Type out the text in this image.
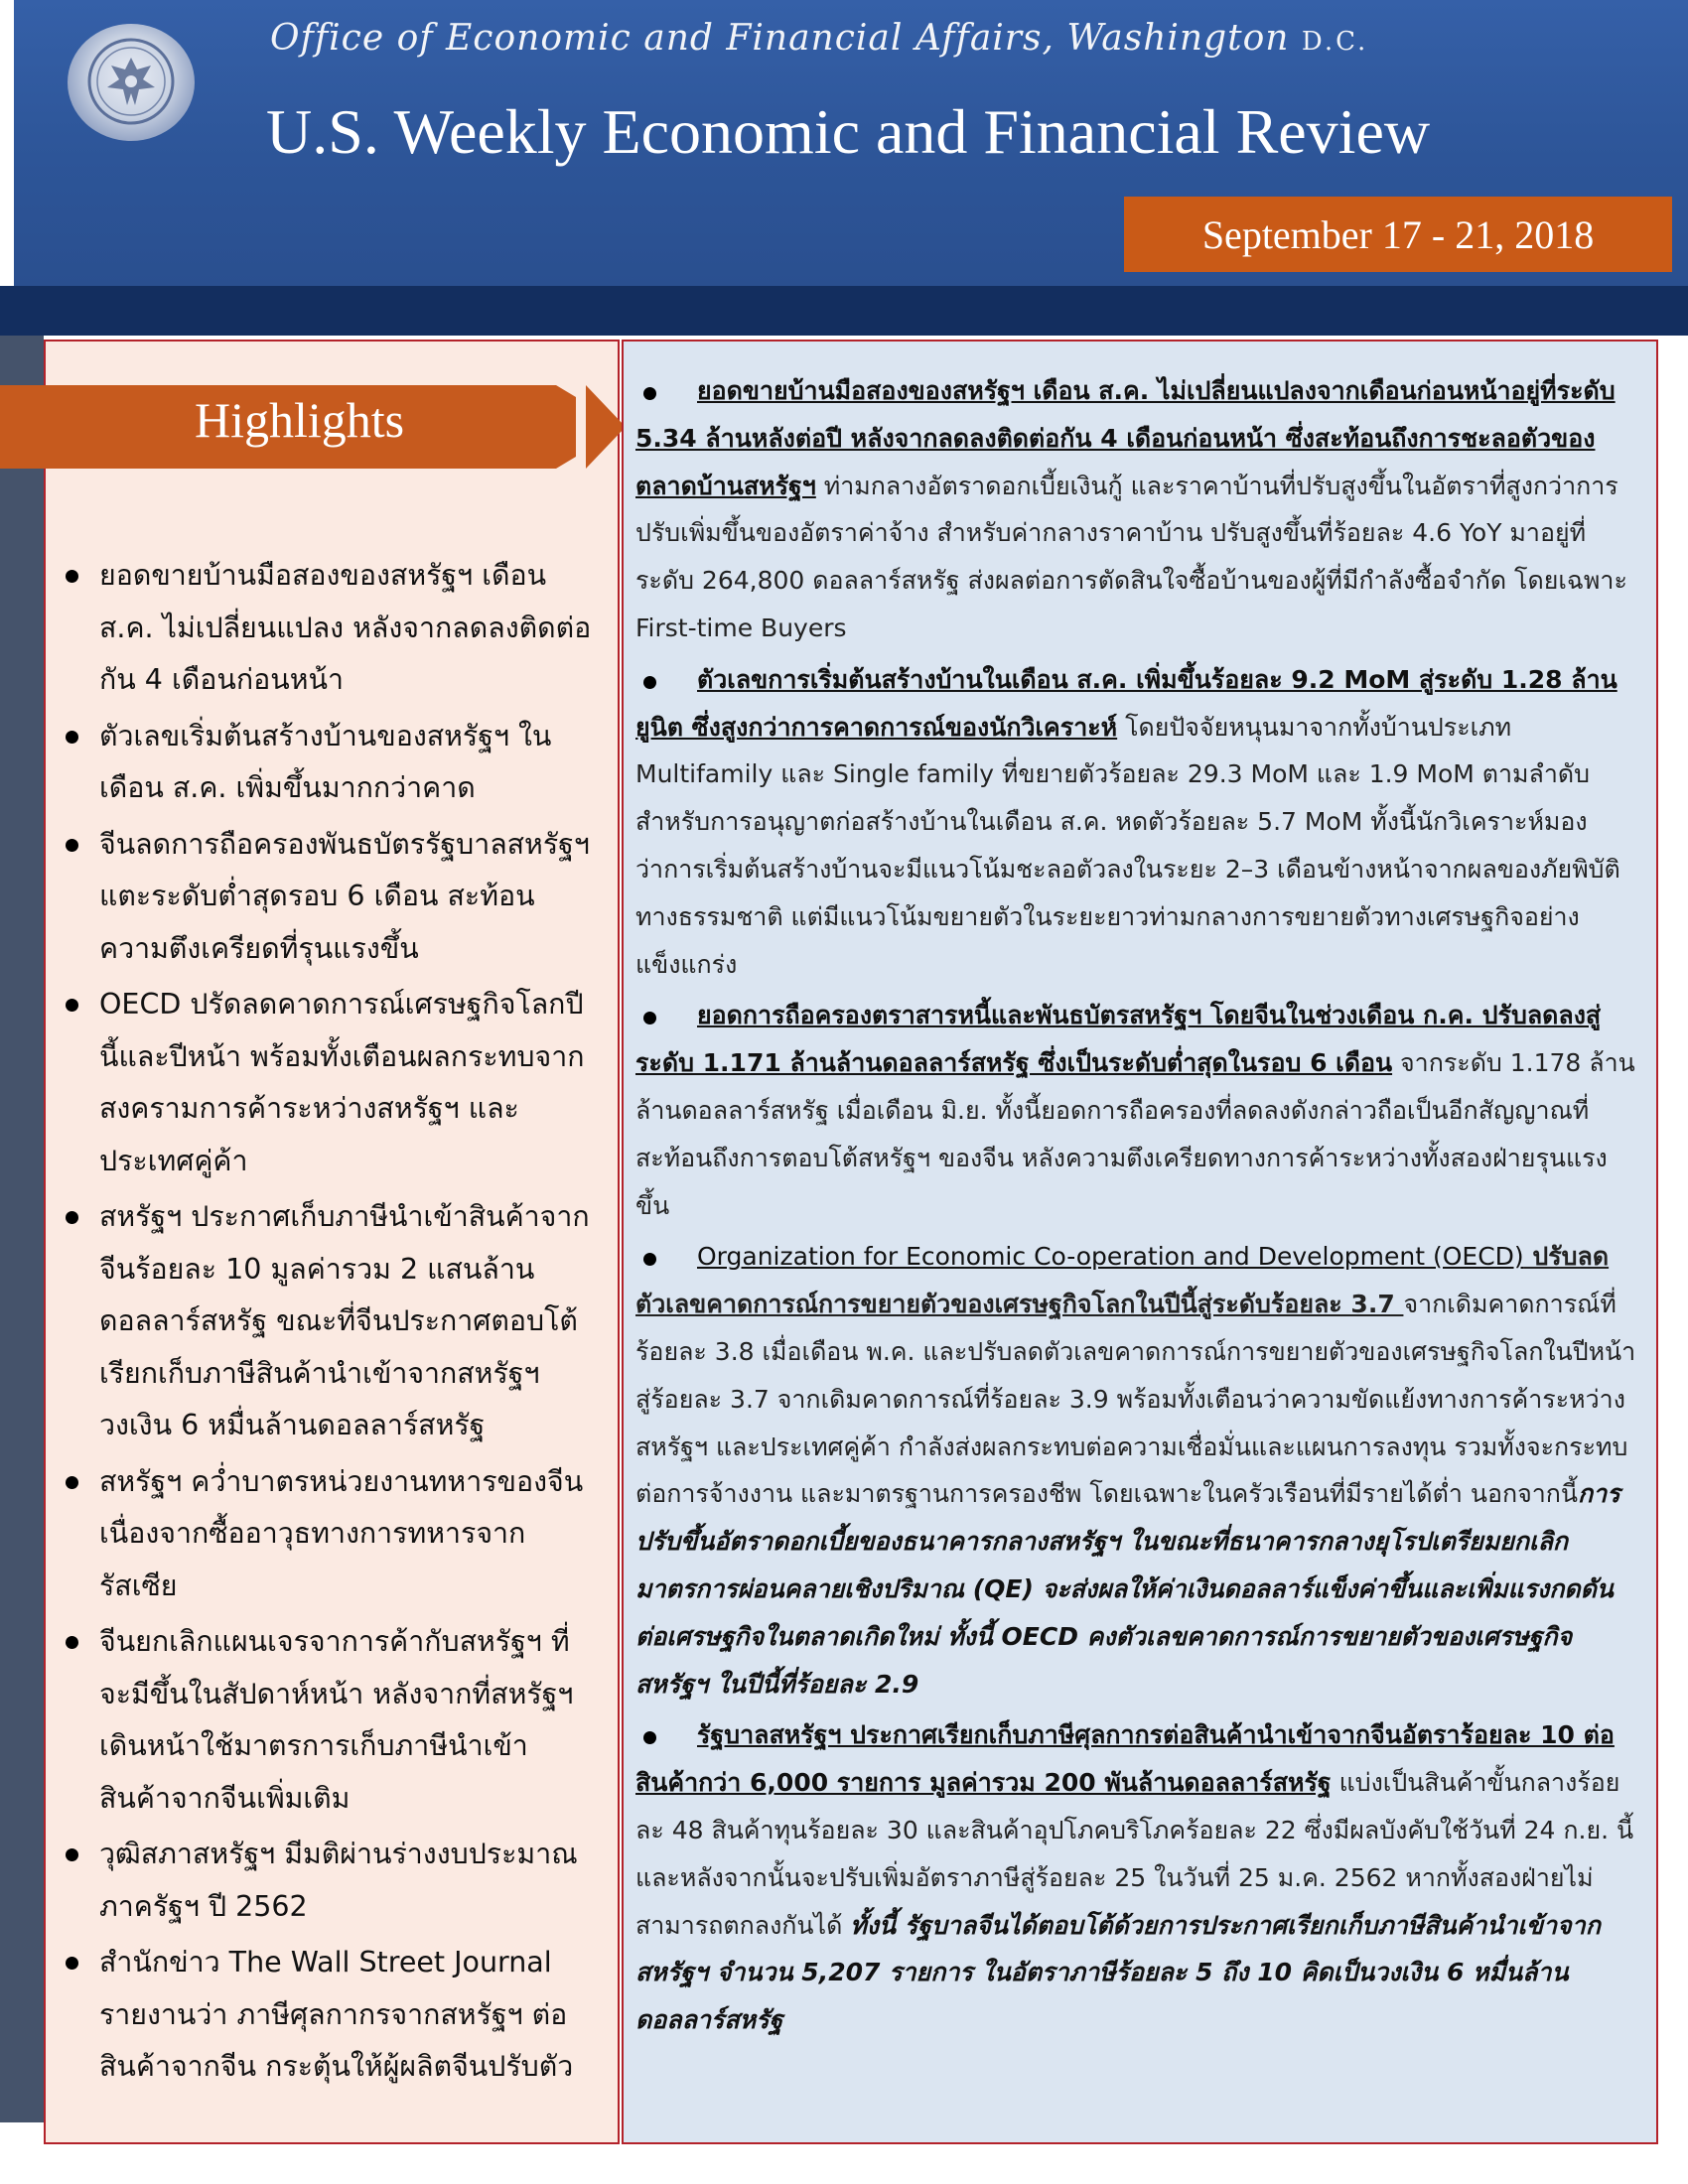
Office of Economic and Financial Affairs, Washington D.C.
U.S. Weekly Economic and Financial Review
September 17 - 21, 2018
Highlights
ยอดขายบ้านมือสองของสหรัฐฯ เดือน ส.ค. ไม่เปลี่ยนแปลง หลังจากลดลงติดต่อกัน 4 เดือนก่อนหน้า
ตัวเลขเริ่มต้นสร้างบ้านของสหรัฐฯ ในเดือน ส.ค. เพิ่มขึ้นมากกว่าคาด
จีนลดการถือครองพันธบัตรรัฐบาลสหรัฐฯ แตะระดับต่ำสุดรอบ 6 เดือน สะท้อนความตึงเครียดที่รุนแรงขึ้น
OECD ปรัดลดคาดการณ์เศรษฐกิจโลกปีนี้และปีหน้า พร้อมทั้งเตือนผลกระทบจากสงครามการค้าระหว่างสหรัฐฯ และประเทศคู่ค้า
สหรัฐฯ ประกาศเก็บภาษีนำเข้าสินค้าจากจีนร้อยละ 10 มูลค่ารวม 2 แสนล้านดอลลาร์สหรัฐ ขณะที่จีนประกาศตอบโต้เรียกเก็บภาษีสินค้านำเข้าจากสหรัฐฯ วงเงิน 6 หมื่นล้านดอลลาร์สหรัฐ
สหรัฐฯ คว่ำบาตรหน่วยงานทหารของจีนเนื่องจากซื้ออาวุธทางการทหารจากรัสเซีย
จีนยกเลิกแผนเจรจาการค้ากับสหรัฐฯ ที่จะมีขึ้นในสัปดาห์หน้า หลังจากที่สหรัฐฯ เดินหน้าใช้มาตรการเก็บภาษีนำเข้าสินค้าจากจีนเพิ่มเติม
วุฒิสภาสหรัฐฯ มีมติผ่านร่างงบประมาณภาครัฐฯ ปี 2562
สำนักข่าว The Wall Street Journal รายงานว่า ภาษีศุลกากรจากสหรัฐฯ ต่อสินค้าจากจีน กระตุ้นให้ผู้ผลิตจีนปรับตัว
ยอดขายบ้านมือสองของสหรัฐฯ เดือน ส.ค. ไม่เปลี่ยนแปลงจากเดือนก่อนหน้าอยู่ที่ระดับ 5.34 ล้านหลังต่อปี หลังจากลดลงติดต่อกัน 4 เดือนก่อนหน้า ซึ่งสะท้อนถึงการชะลอตัวของตลาดบ้านสหรัฐฯ ท่ามกลางอัตราดอกเบี้ยเงินกู้ และราคาบ้านที่ปรับสูงขึ้นในอัตราที่สูงกว่าการปรับเพิ่มขึ้นของอัตราค่าจ้าง สำหรับค่ากลางราคาบ้าน ปรับสูงขึ้นที่ร้อยละ 4.6 YoY มาอยู่ที่ระดับ 264,800 ดอลลาร์สหรัฐ ส่งผลต่อการตัดสินใจซื้อบ้านของผู้ที่มีกำลังซื้อจำกัด โดยเฉพาะ First-time Buyers
ตัวเลขการเริ่มต้นสร้างบ้านในเดือน ส.ค. เพิ่มขึ้นร้อยละ 9.2 MoM สู่ระดับ 1.28 ล้านยูนิต ซึ่งสูงกว่าการคาดการณ์ของนักวิเคราะห์ โดยปัจจัยหนุนมาจากทั้งบ้านประเภท Multifamily และ Single family ที่ขยายตัวร้อยละ 29.3 MoM และ 1.9 MoM ตามลำดับ สำหรับการอนุญาตก่อสร้างบ้านในเดือน ส.ค. หดตัวร้อยละ 5.7 MoM ทั้งนี้นักวิเคราะห์มองว่าการเริ่มต้นสร้างบ้านจะมีแนวโน้มชะลอตัวลงในระยะ 2–3 เดือนข้างหน้าจากผลของภัยพิบัติทางธรรมชาติ แต่มีแนวโน้มขยายตัวในระยะยาวท่ามกลางการขยายตัวทางเศรษฐกิจอย่างแข็งแกร่ง
ยอดการถือครองตราสารหนี้และพันธบัตรสหรัฐฯ โดยจีนในช่วงเดือน ก.ค. ปรับลดลงสู่ระดับ 1.171 ล้านล้านดอลลาร์สหรัฐ ซึ่งเป็นระดับต่ำสุดในรอบ 6 เดือน จากระดับ 1.178 ล้านล้านดอลลาร์สหรัฐ เมื่อเดือน มิ.ย. ทั้งนี้ยอดการถือครองที่ลดลงดังกล่าวถือเป็นอีกสัญญาณที่สะท้อนถึงการตอบโต้สหรัฐฯ ของจีน หลังความตึงเครียดทางการค้าระหว่างทั้งสองฝ่ายรุนแรงขึ้น
Organization for Economic Co-operation and Development (OECD) ปรับลดตัวเลขคาดการณ์การขยายตัวของเศรษฐกิจโลกในปีนี้สู่ระดับร้อยละ 3.7 จากเดิมคาดการณ์ที่ร้อยละ 3.8 เมื่อเดือน พ.ค. และปรับลดตัวเลขคาดการณ์การขยายตัวของเศรษฐกิจโลกในปีหน้าสู่ร้อยละ 3.7 จากเดิมคาดการณ์ที่ร้อยละ 3.9 พร้อมทั้งเตือนว่าความขัดแย้งทางการค้าระหว่างสหรัฐฯ และประเทศคู่ค้า กำลังส่งผลกระทบต่อความเชื่อมั่นและแผนการลงทุน รวมทั้งจะกระทบต่อการจ้างงาน และมาตรฐานการครองชีพ โดยเฉพาะในครัวเรือนที่มีรายได้ต่ำ นอกจากนี้การปรับขึ้นอัตราดอกเบี้ยของธนาคารกลางสหรัฐฯ ในขณะที่ธนาคารกลางยุโรปเตรียมยกเลิกมาตรการผ่อนคลายเชิงปริมาณ (QE) จะส่งผลให้ค่าเงินดอลลาร์แข็งค่าขึ้นและเพิ่มแรงกดดันต่อเศรษฐกิจในตลาดเกิดใหม่ ทั้งนี้ OECD คงตัวเลขคาดการณ์การขยายตัวของเศรษฐกิจสหรัฐฯ ในปีนี้ที่ร้อยละ 2.9
รัฐบาลสหรัฐฯ ประกาศเรียกเก็บภาษีศุลกากรต่อสินค้านำเข้าจากจีนอัตราร้อยละ 10 ต่อสินค้ากว่า 6,000 รายการ มูลค่ารวม 200 พันล้านดอลลาร์สหรัฐ แบ่งเป็นสินค้าขั้นกลางร้อยละ 48 สินค้าทุนร้อยละ 30 และสินค้าอุปโภคบริโภคร้อยละ 22 ซึ่งมีผลบังคับใช้วันที่ 24 ก.ย. นี้ และหลังจากนั้นจะปรับเพิ่มอัตราภาษีสู่ร้อยละ 25 ในวันที่ 25 ม.ค. 2562 หากทั้งสองฝ่ายไม่สามารถตกลงกันได้ ทั้งนี้ รัฐบาลจีนได้ตอบโต้ด้วยการประกาศเรียกเก็บภาษีสินค้านำเข้าจากสหรัฐฯ จำนวน 5,207 รายการ ในอัตราภาษีร้อยละ 5 ถึง 10 คิดเป็นวงเงิน 6 หมื่นล้านดอลลาร์สหรัฐ
